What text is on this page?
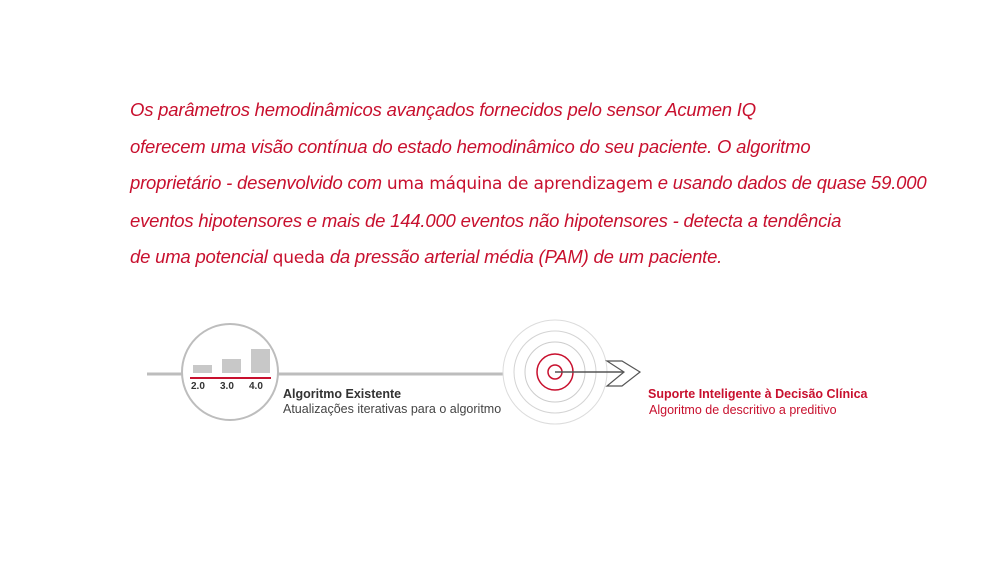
Os parâmetros hemodinâmicos avançados fornecidos pelo sensor Acumen IQ
oferecem uma visão contínua do estado hemodinâmico do seu paciente. O algoritmo
proprietário - desenvolvido com uma máquina de aprendizagem e usando dados de quase 59.000
eventos hipotensores e mais de 144.000 eventos não hipotensores - detecta a tendência
de uma potencial queda da pressão arterial média (PAM) de um paciente.
2.0 3.0 4.0
Algoritmo Existente
Atualizações iterativas para o algoritmo
Suporte Inteligente à Decisão Clínica
Algoritmo de descritivo a preditivo
